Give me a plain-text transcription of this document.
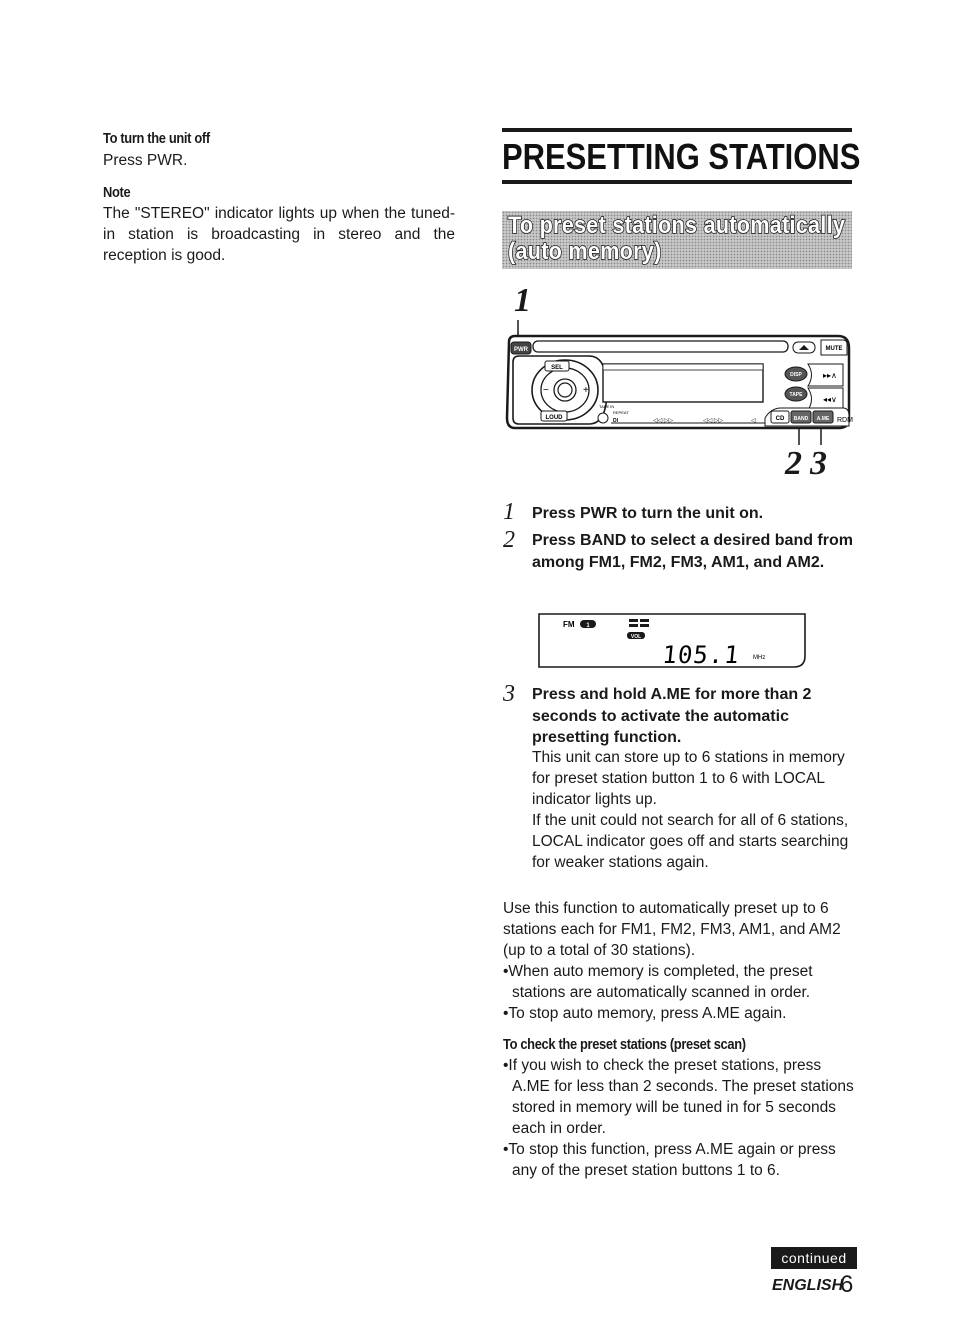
To turn the unit off

Press PWR.

Note

The "STEREO" indicator lights up when the tuned-in station is broadcasting in stereo and the reception is good.

PRESETTING STATIONS
To preset stations automatically (auto memory)
1
2 3
PWR	MUTE
−	+
SEL
LOUD
TAPE IN
REPEAT
DI	◁◁ ▷▷	◁◁ ▷▷	◁
DISP
TAPE
▸▸∧
◂◂∨
CD BAND A.ME RDM
1 Press PWR to turn the unit on.
2 Press BAND to select a desired band from among FM1, FM2, FM3, AM1, and AM2.
FM 1
VOL
105.1 MHz
3 Press and hold A.ME for more than 2 seconds to activate the automatic presetting function.

This unit can store up to 6 stations in memory for preset station button 1 to 6 with LOCAL indicator lights up.

If the unit could not search for all of 6 stations, LOCAL indicator goes off and starts searching for weaker stations again.

Use this function to automatically preset up to 6 stations each for FM1, FM2, FM3, AM1, and AM2 (up to a total of 30 stations).

•When auto memory is completed, the preset stations are automatically scanned in order.

•To stop auto memory, press A.ME again.

To check the preset stations (preset scan)

•If you wish to check the preset stations, press A.ME for less than 2 seconds. The preset stations stored in memory will be tuned in for 5 seconds each in order.

•To stop this function, press A.ME again or press any of the preset station buttons 1 to 6.

continued
ENGLISH
6
